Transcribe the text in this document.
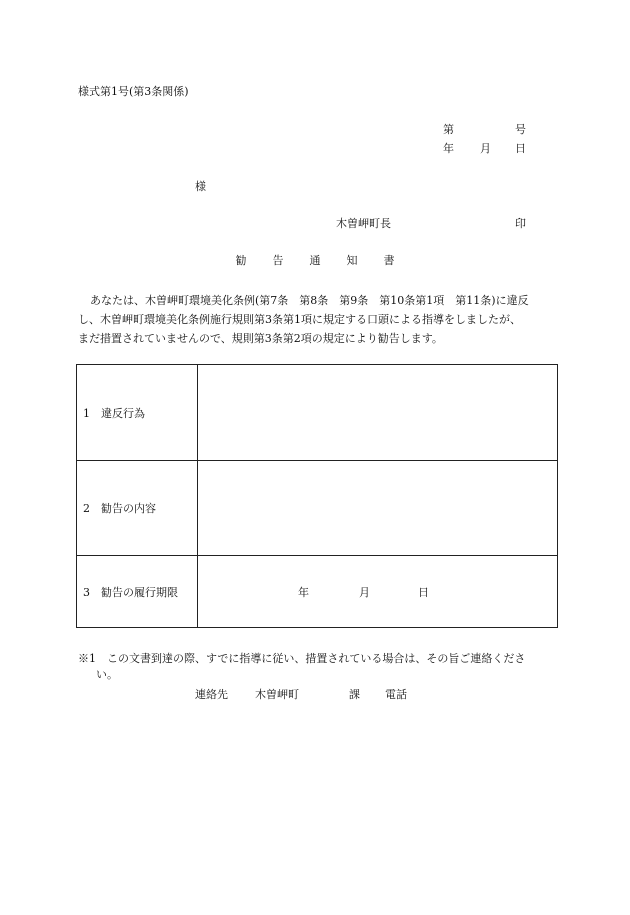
様式第1号(第3条関係)
第	号
年 月 日
様
木曽岬町長	印
勧 告 通 知 書

あなたは、木曽岬町環境美化条例(第7条　第8条　第9条　第10条第1項　第11条)に違反

し、木曽岬町環境美化条例施行規則第3条第1項に規定する口頭による指導をしましたが、

まだ措置されていませんので、規則第3条第2項の規定により勧告します。

1　違反行為	
2　勧告の内容	
3　勧告の履行期限	年 月 日
※1　この文書到達の際、すでに指導に従い、措置されている場合は、その旨ご連絡くださ
い。
連絡先 木曽岬町	課 電話
